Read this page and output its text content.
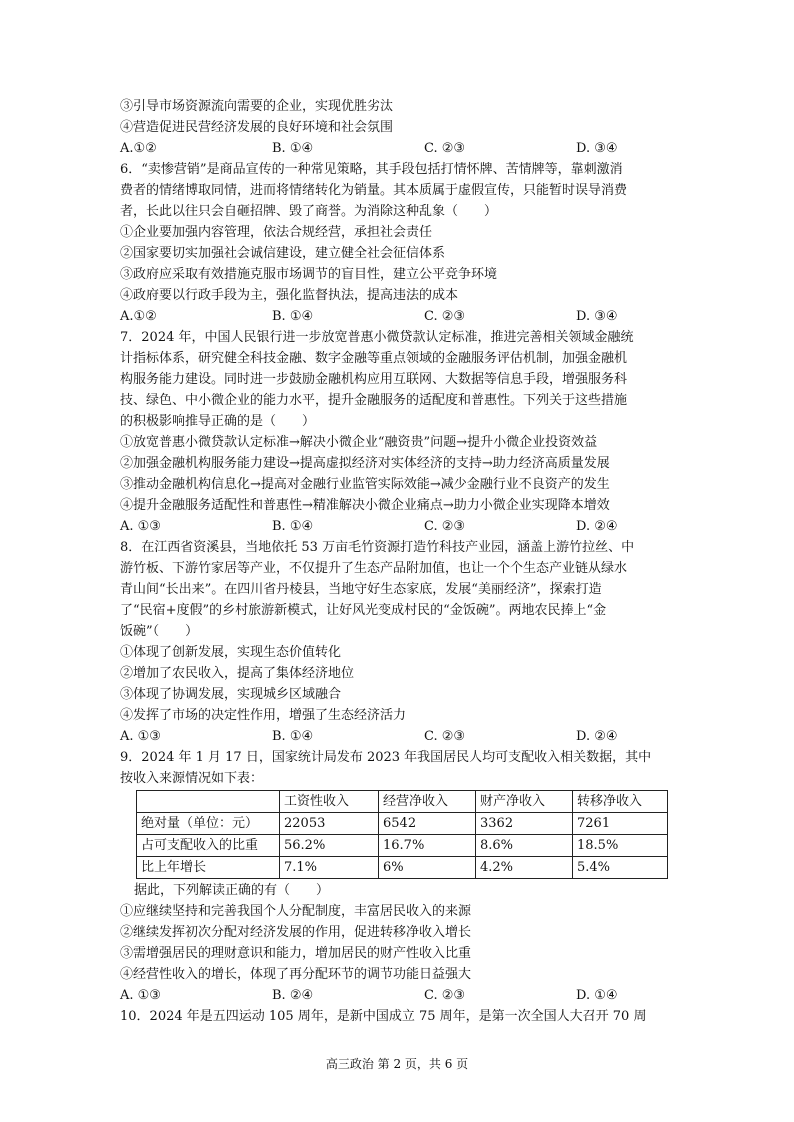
③引导市场资源流向需要的企业，实现优胜劣汰
④营造促进民营经济发展的良好环境和社会氛围
A.①②	B. ①④	C. ②③	D. ③④
6．“卖惨营销”是商品宣传的一种常见策略，其手段包括打情怀牌、苦情牌等，靠刺激消
费者的情绪博取同情，进而将情绪转化为销量。其本质属于虚假宣传，只能暂时误导消费
者，长此以往只会自砸招牌、毁了商誉。为消除这种乱象（　　）
①企业要加强内容管理，依法合规经营，承担社会责任
②国家要切实加强社会诚信建设，建立健全社会征信体系
③政府应采取有效措施克服市场调节的盲目性，建立公平竞争环境
④政府要以行政手段为主，强化监督执法，提高违法的成本
A.①②	B. ①④	C. ②③	D. ③④
7．2024 年，中国人民银行进一步放宽普惠小微贷款认定标准，推进完善相关领域金融统
计指标体系，研究健全科技金融、数字金融等重点领域的金融服务评估机制，加强金融机
构服务能力建设。同时进一步鼓励金融机构应用互联网、大数据等信息手段，增强服务科
技、绿色、中小微企业的能力水平，提升金融服务的适配度和普惠性。下列关于这些措施
的积极影响推导正确的是（　　）
①放宽普惠小微贷款认定标准→解决小微企业“融资贵”问题→提升小微企业投资效益
②加强金融机构服务能力建设→提高虚拟经济对实体经济的支持→助力经济高质量发展
③推动金融机构信息化→提高对金融行业监管实际效能→减少金融行业不良资产的发生
④提升金融服务适配性和普惠性→精准解决小微企业痛点→助力小微企业实现降本增效
A. ①③	B. ①④	C. ②③	D. ②④
8．在江西省资溪县，当地依托 53 万亩毛竹资源打造竹科技产业园，涵盖上游竹拉丝、中
游竹板、下游竹家居等产业，不仅提升了生态产品附加值，也让一个个生态产业链从绿水
青山间“长出来”。在四川省丹棱县，当地守好生态家底，发展“美丽经济”，探索打造
了“民宿+度假”的乡村旅游新模式，让好风光变成村民的“金饭碗”。两地农民捧上“金
饭碗”（　　）
①体现了创新发展，实现生态价值转化
②增加了农民收入，提高了集体经济地位
③体现了协调发展，实现城乡区域融合
④发挥了市场的决定性作用，增强了生态经济活力
A. ①③	B. ①④	C. ②③	D. ②④
9．2024 年 1 月 17 日，国家统计局发布 2023 年我国居民人均可支配收入相关数据，其中
按收入来源情况如下表：
	工资性收入	经营净收入	财产净收入	转移净收入
绝对量（单位：元）	22053	6542	3362	7261
占可支配收入的比重	56.2%	16.7%	8.6%	18.5%
比上年增长	7.1%	6%	4.2%	5.4%
据此，下列解读正确的有（　　）
①应继续坚持和完善我国个人分配制度，丰富居民收入的来源
②继续发挥初次分配对经济发展的作用，促进转移净收入增长
③需增强居民的理财意识和能力，增加居民的财产性收入比重
④经营性收入的增长，体现了再分配环节的调节功能日益强大
A. ①③	B. ②④	C. ②③	D. ①④
10．2024 年是五四运动 105 周年，是新中国成立 75 周年，是第一次全国人大召开 70 周
高三政治 第 2 页，共 6 页
